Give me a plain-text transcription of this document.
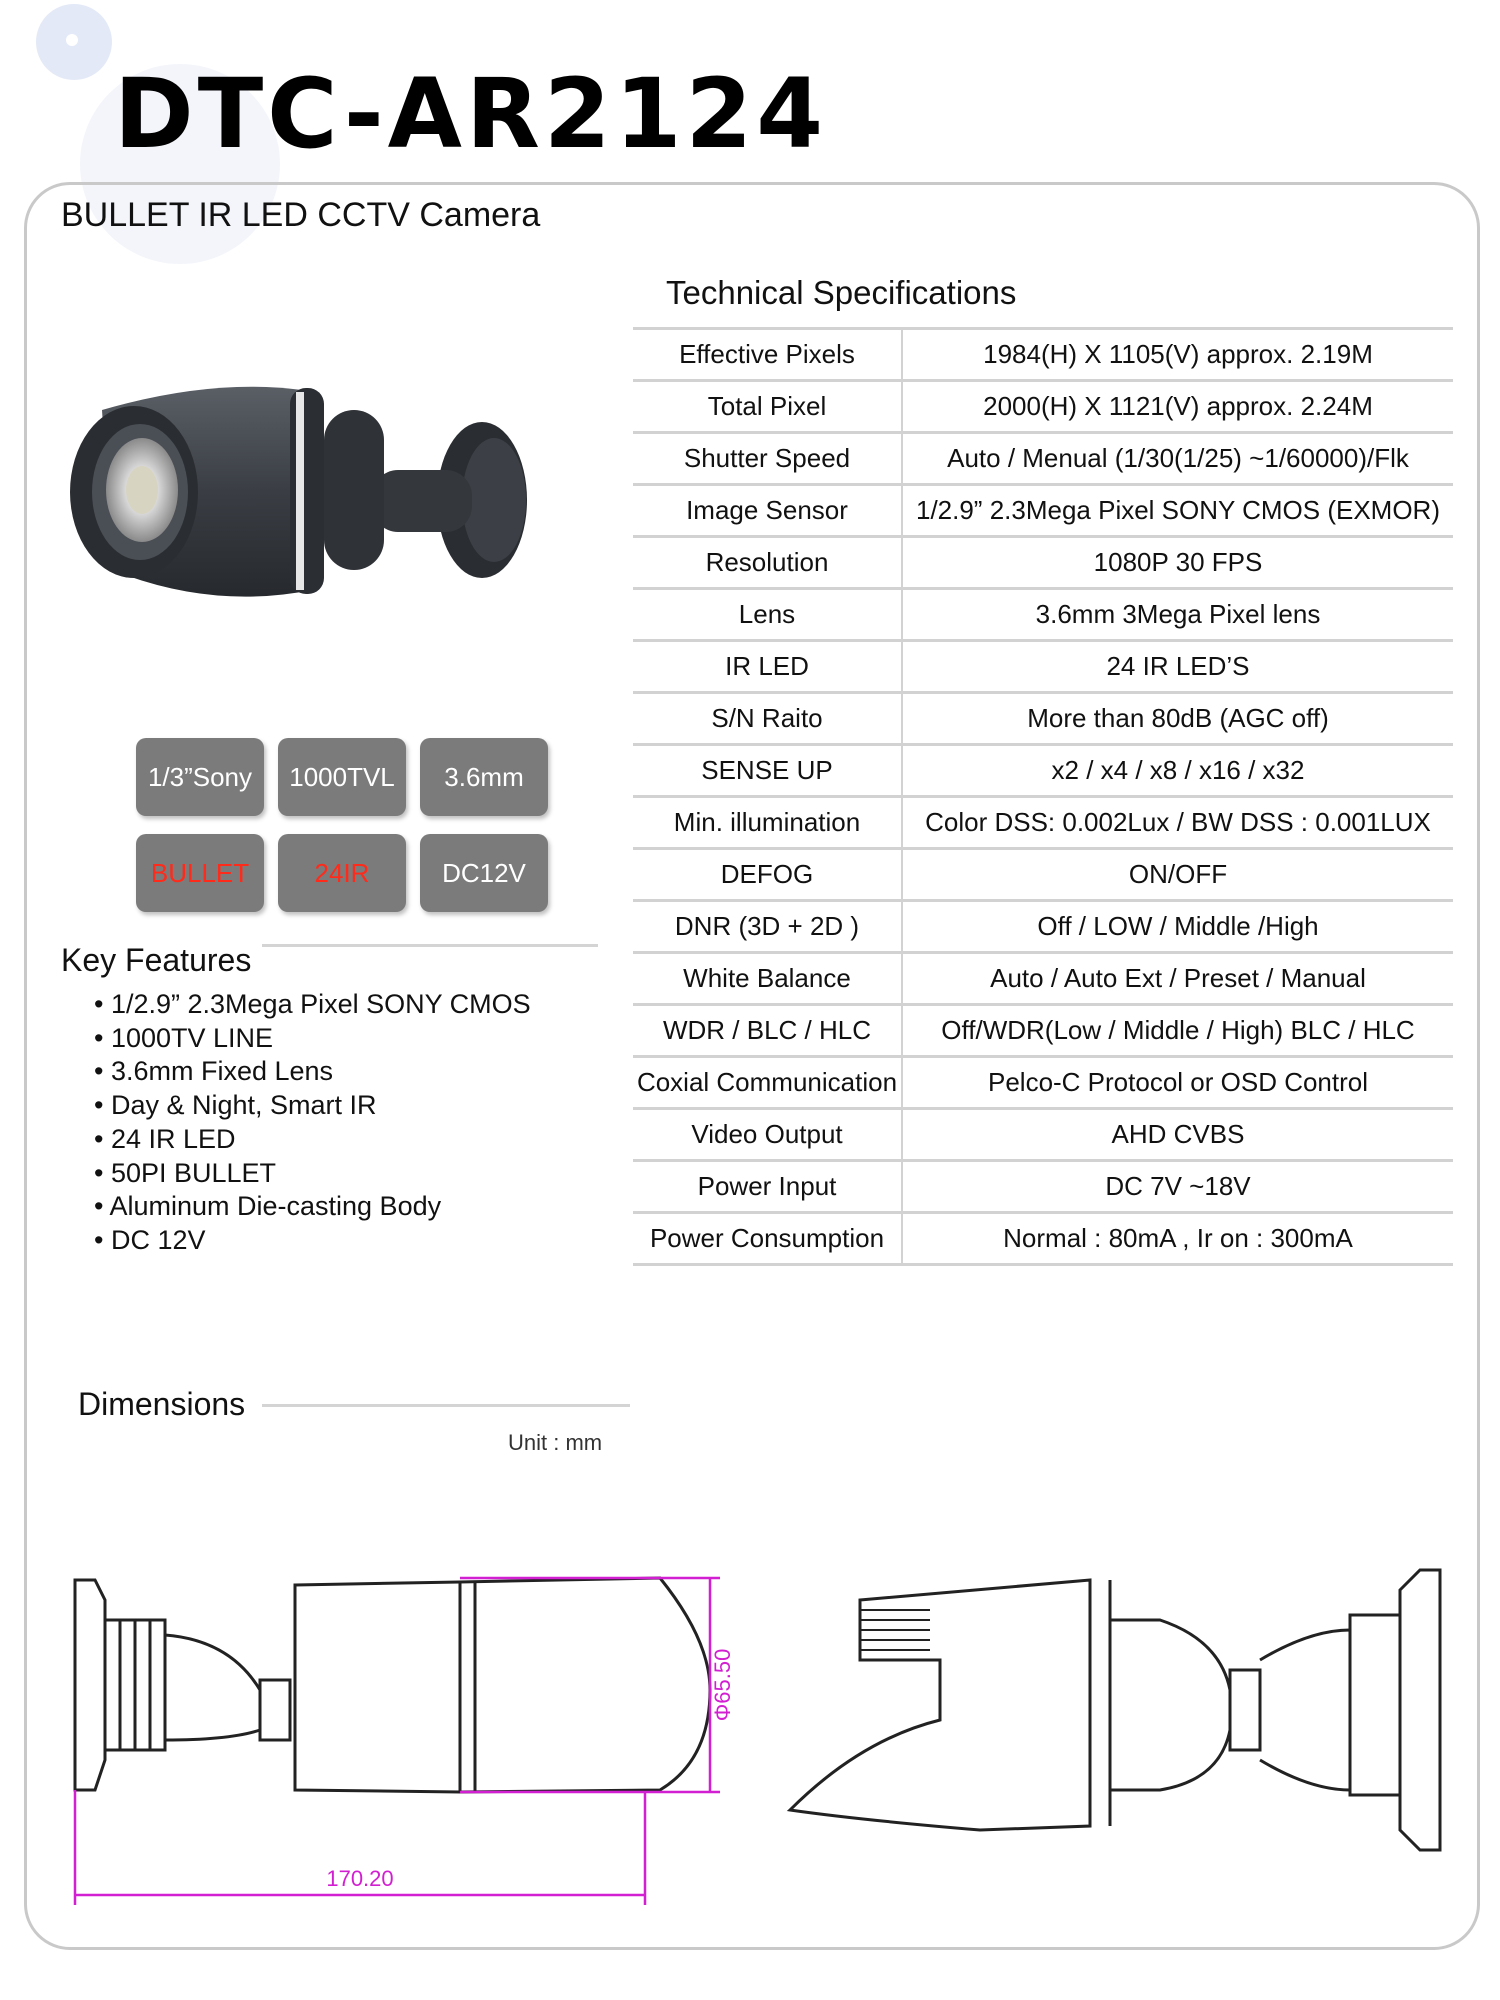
DTC-AR2124
BULLET IR LED CCTV Camera
1/3”Sony	1000TVL	3.6mm
BULLET	24IR	DC12V
Key Features
• 1/2.9” 2.3Mega Pixel SONY CMOS
• 1000TV LINE
• 3.6mm Fixed Lens
• Day & Night, Smart IR
• 24 IR LED
• 50PI BULLET
• Aluminum Die-casting Body
• DC 12V
Technical Specifications
Effective Pixels	1984(H) X 1105(V) approx. 2.19M
Total Pixel	2000(H) X 1121(V) approx. 2.24M
Shutter Speed	Auto / Menual (1/30(1/25) ~1/60000)/Flk
Image Sensor	1/2.9” 2.3Mega Pixel SONY CMOS (EXMOR)
Resolution	1080P 30 FPS
Lens	3.6mm 3Mega Pixel lens
IR LED	24 IR LED’S
S/N Raito	More than 80dB (AGC off)
SENSE UP	x2 / x4 / x8 / x16 / x32
Min. illumination	Color DSS: 0.002Lux / BW DSS : 0.001LUX
DEFOG	ON/OFF
DNR (3D + 2D )	Off / LOW / Middle /High
White Balance	Auto / Auto Ext / Preset / Manual
WDR / BLC / HLC	Off/WDR(Low / Middle / High) BLC / HLC
Coxial Communication	Pelco-C Protocol or OSD Control
Video Output	AHD CVBS
Power Input	DC 7V ~18V
Power Consumption	Normal : 80mA , Ir on : 300mA
Dimensions
Unit : mm
170.20
Φ65.50
